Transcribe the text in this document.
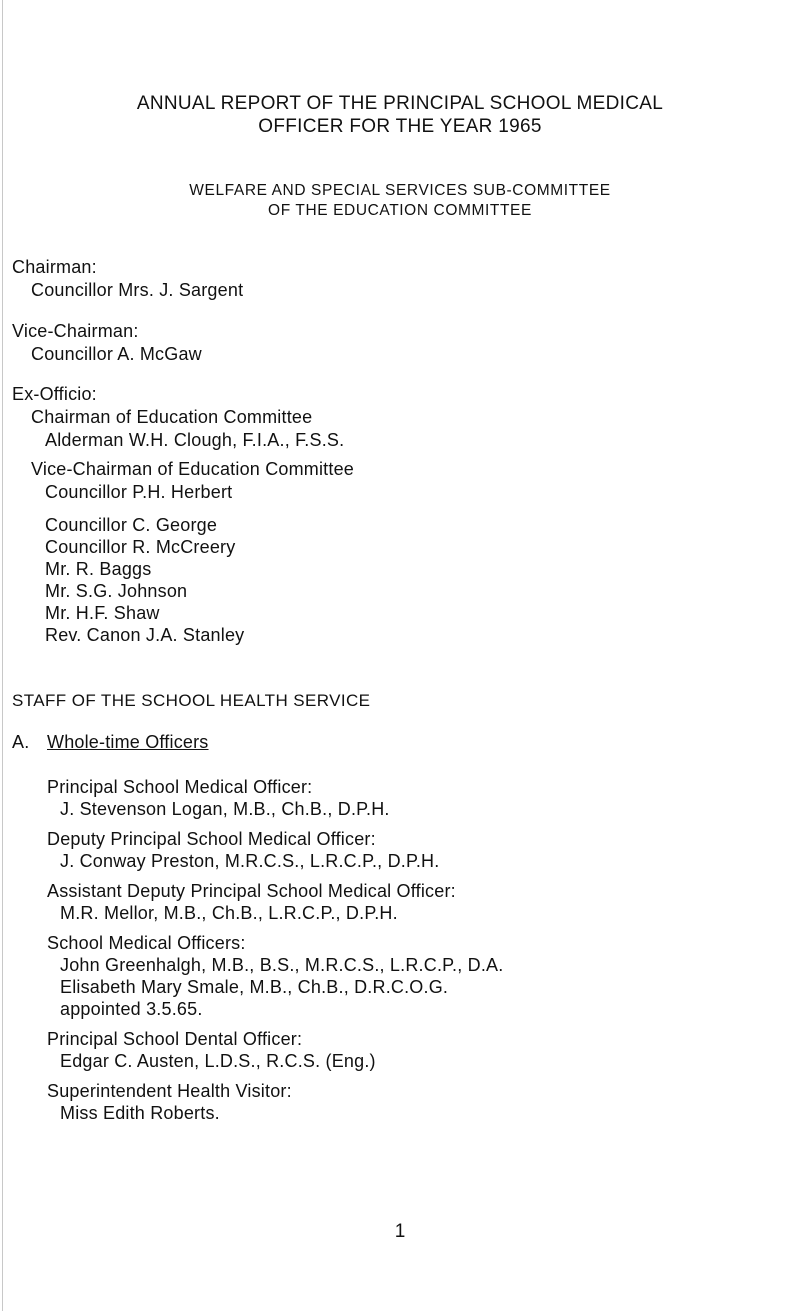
ANNUAL REPORT OF THE PRINCIPAL SCHOOL MEDICAL
OFFICER FOR THE YEAR 1965
WELFARE AND SPECIAL SERVICES SUB-COMMITTEE
OF THE EDUCATION COMMITTEE
Chairman:
Councillor Mrs. J. Sargent
Vice-Chairman:
Councillor A. McGaw
Ex-Officio:
Chairman of Education Committee
Alderman W.H. Clough, F.I.A., F.S.S.
Vice-Chairman of Education Committee
Councillor P.H. Herbert
Councillor C. George
Councillor R. McCreery
Mr. R. Baggs
Mr. S.G. Johnson
Mr. H.F. Shaw
Rev. Canon J.A. Stanley
STAFF OF THE SCHOOL HEALTH SERVICE
A. Whole-time Officers
Principal School Medical Officer:
J. Stevenson Logan, M.B., Ch.B., D.P.H.
Deputy Principal School Medical Officer:
J. Conway Preston, M.R.C.S., L.R.C.P., D.P.H.
Assistant Deputy Principal School Medical Officer:
M.R. Mellor, M.B., Ch.B., L.R.C.P., D.P.H.
School Medical Officers:
John Greenhalgh, M.B., B.S., M.R.C.S., L.R.C.P., D.A.
Elisabeth Mary Smale, M.B., Ch.B., D.R.C.O.G.
appointed 3.5.65.
Principal School Dental Officer:
Edgar C. Austen, L.D.S., R.C.S. (Eng.)
Superintendent Health Visitor:
Miss Edith Roberts.
1
